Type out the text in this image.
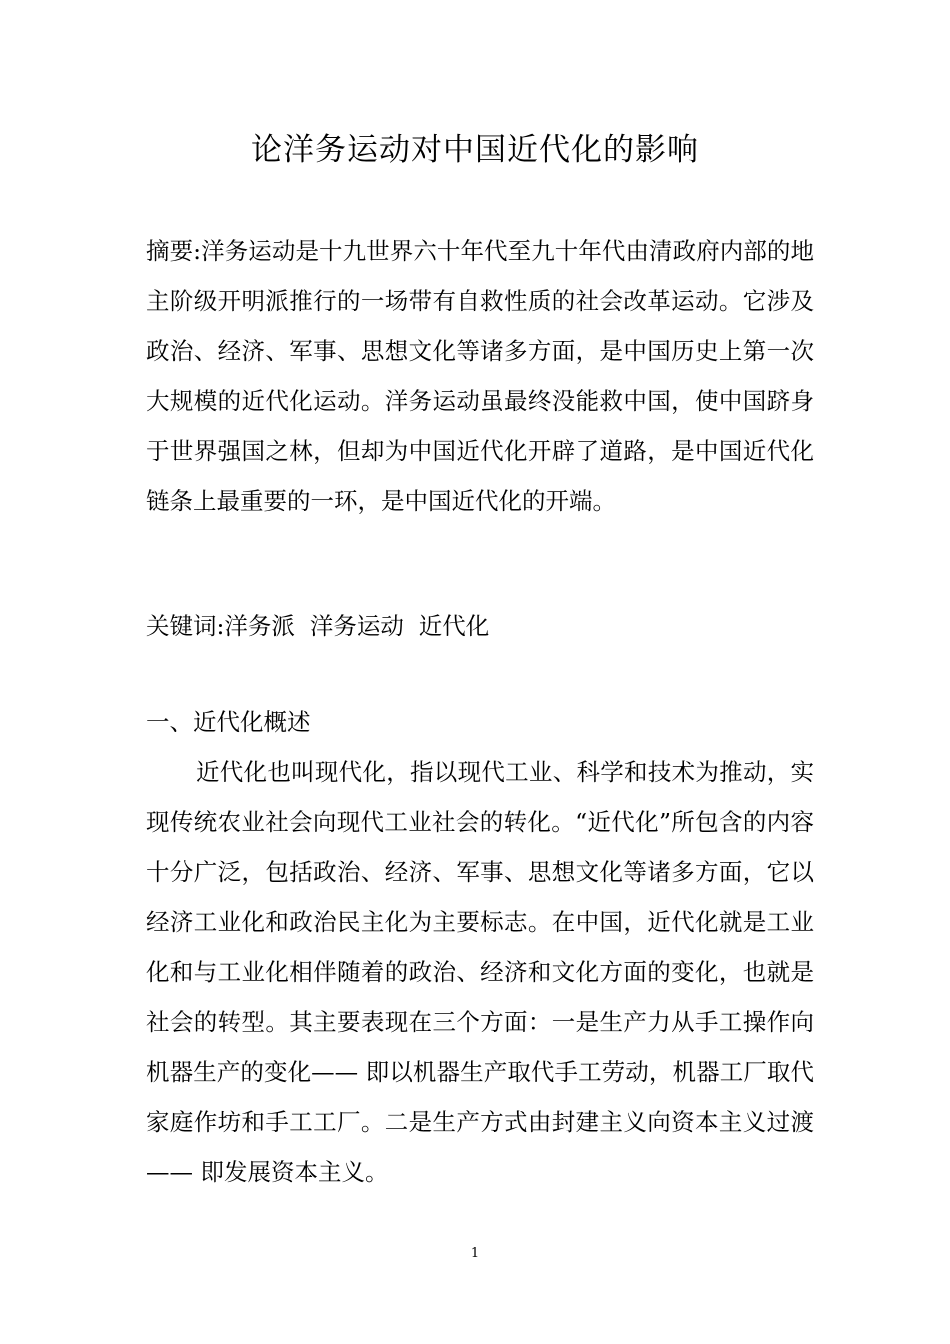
论洋务运动对中国近代化的影响

摘要:洋务运动是十九世界六十年代至九十年代由清政府内部的地主阶级开明派推行的一场带有自救性质的社会改革运动。它涉及政治、经济、军事、思想文化等诸多方面，是中国历史上第一次大规模的近代化运动。洋务运动虽最终没能救中国，使中国跻身于世界强国之林，但却为中国近代化开辟了道路，是中国近代化链条上最重要的一环，是中国近代化的开端。

关键词:洋务派  洋务运动  近代化

一、近代化概述

近代化也叫现代化，指以现代工业、科学和技术为推动，实现传统农业社会向现代工业社会的转化。“近代化”所包含的内容十分广泛，包括政治、经济、军事、思想文化等诸多方面，它以经济工业化和政治民主化为主要标志。在中国，近代化就是工业化和与工业化相伴随着的政治、经济和文化方面的变化，也就是社会的转型。其主要表现在三个方面：一是生产力从手工操作向机器生产的变化—— 即以机器生产取代手工劳动，机器工厂取代家庭作坊和手工工厂。二是生产方式由封建主义向资本主义过渡—— 即发展资本主义。

1
